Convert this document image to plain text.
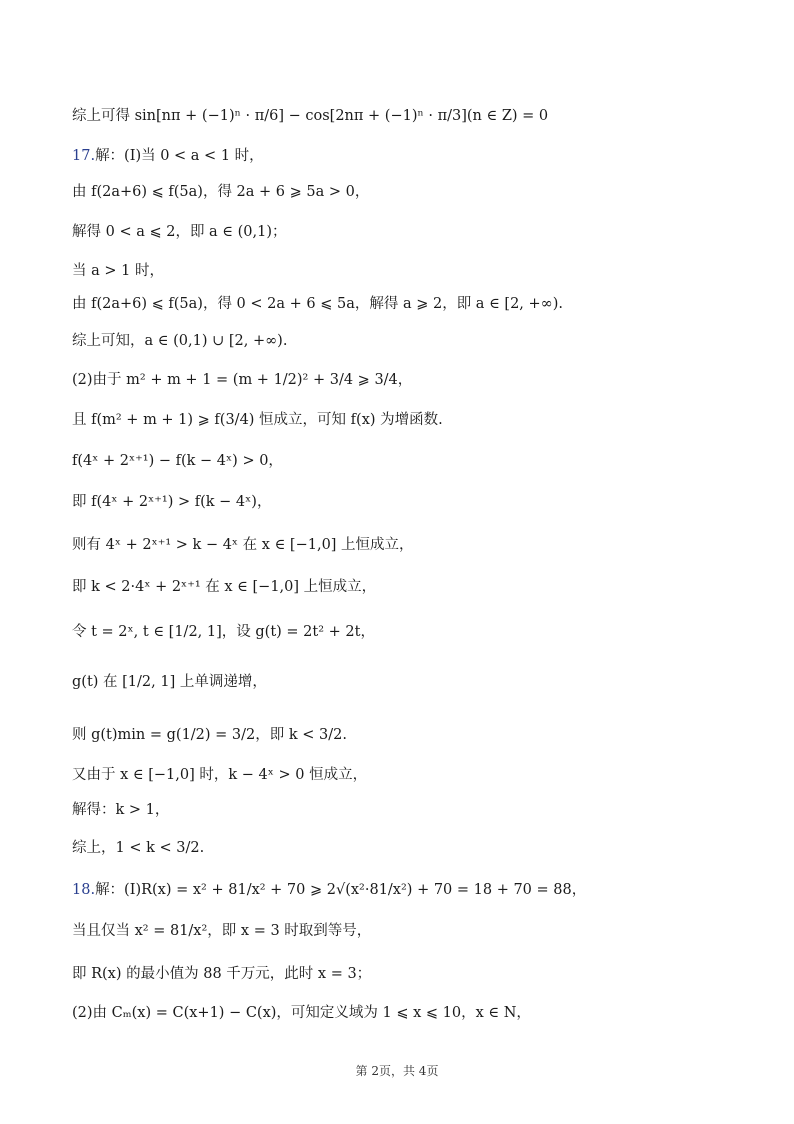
综上可得 sin[nπ + (−1)ⁿ · π/6] − cos[2nπ + (−1)ⁿ · π/3](n ∈ Z) = 0
17.解：(Ⅰ)当 0 < a < 1 时，
由 f(2a+6) ⩽ f(5a)，得 2a + 6 ⩾ 5a > 0，
解得 0 < a ⩽ 2，即 a ∈ (0,1)；
当 a > 1 时，
由 f(2a+6) ⩽ f(5a)，得 0 < 2a + 6 ⩽ 5a，解得 a ⩾ 2，即 a ∈ [2, +∞).
综上可知，a ∈ (0,1) ∪ [2, +∞).
(2)由于 m² + m + 1 = (m + 1/2)² + 3/4 ⩾ 3/4，
且 f(m² + m + 1) ⩾ f(3/4) 恒成立，可知 f(x) 为增函数.
f(4ˣ + 2ˣ⁺¹) − f(k − 4ˣ) > 0，
即 f(4ˣ + 2ˣ⁺¹) > f(k − 4ˣ)，
则有 4ˣ + 2ˣ⁺¹ > k − 4ˣ 在 x ∈ [−1,0] 上恒成立，
即 k < 2·4ˣ + 2ˣ⁺¹ 在 x ∈ [−1,0] 上恒成立，
令 t = 2ˣ, t ∈ [1/2, 1]，设 g(t) = 2t² + 2t，
g(t) 在 [1/2, 1] 上单调递增，
则 g(t)min = g(1/2) = 3/2，即 k < 3/2.
又由于 x ∈ [−1,0] 时，k − 4ˣ > 0 恒成立，
解得：k > 1，
综上，1 < k < 3/2.
18.解：(Ⅰ)R(x) = x² + 81/x² + 70 ⩾ 2√(x²·81/x²) + 70 = 18 + 70 = 88，
当且仅当 x² = 81/x²，即 x = 3 时取到等号，
即 R(x) 的最小值为 88 千万元，此时 x = 3；
(2)由 Cₘ(x) = C(x+1) − C(x)，可知定义域为 1 ⩽ x ⩽ 10，x ∈ N，
第 2页，共 4页
